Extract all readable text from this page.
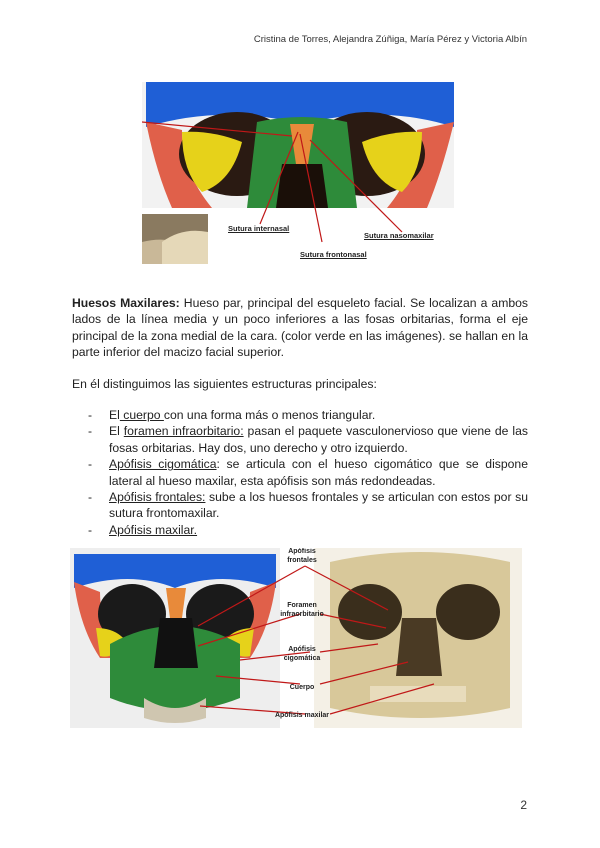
Cristina de Torres, Alejandra Zúñiga, María Pérez y Victoria Albín
Sutura internasal
Sutura nasomaxilar
Sutura frontonasal
Huesos Maxilares: Hueso par, principal del esqueleto facial. Se localizan a ambos lados de la línea media y un poco inferiores a las fosas orbitarias, forma el eje principal de la zona medial de la cara. (color verde en las imágenes). se hallan en la parte inferior del macizo facial superior.
En él distinguimos las siguientes estructuras principales:
- El cuerpo con una forma más o menos triangular.
- El foramen infraorbitario: pasan el paquete vasculonervioso que viene de las fosas orbitarias. Hay dos, uno derecho y otro izquierdo.
- Apófisis cigomática: se articula con el hueso cigomático que se dispone lateral al hueso maxilar, esta apófisis son más redondeadas.
- Apófisis frontales: sube a los huesos frontales y se articulan con estos por su sutura frontomaxilar.
- Apófisis maxilar.
Apófisis frontales
Foramen infraorbitario
Apófisis cigomática
Cuerpo
Apófisis maxilar
2
